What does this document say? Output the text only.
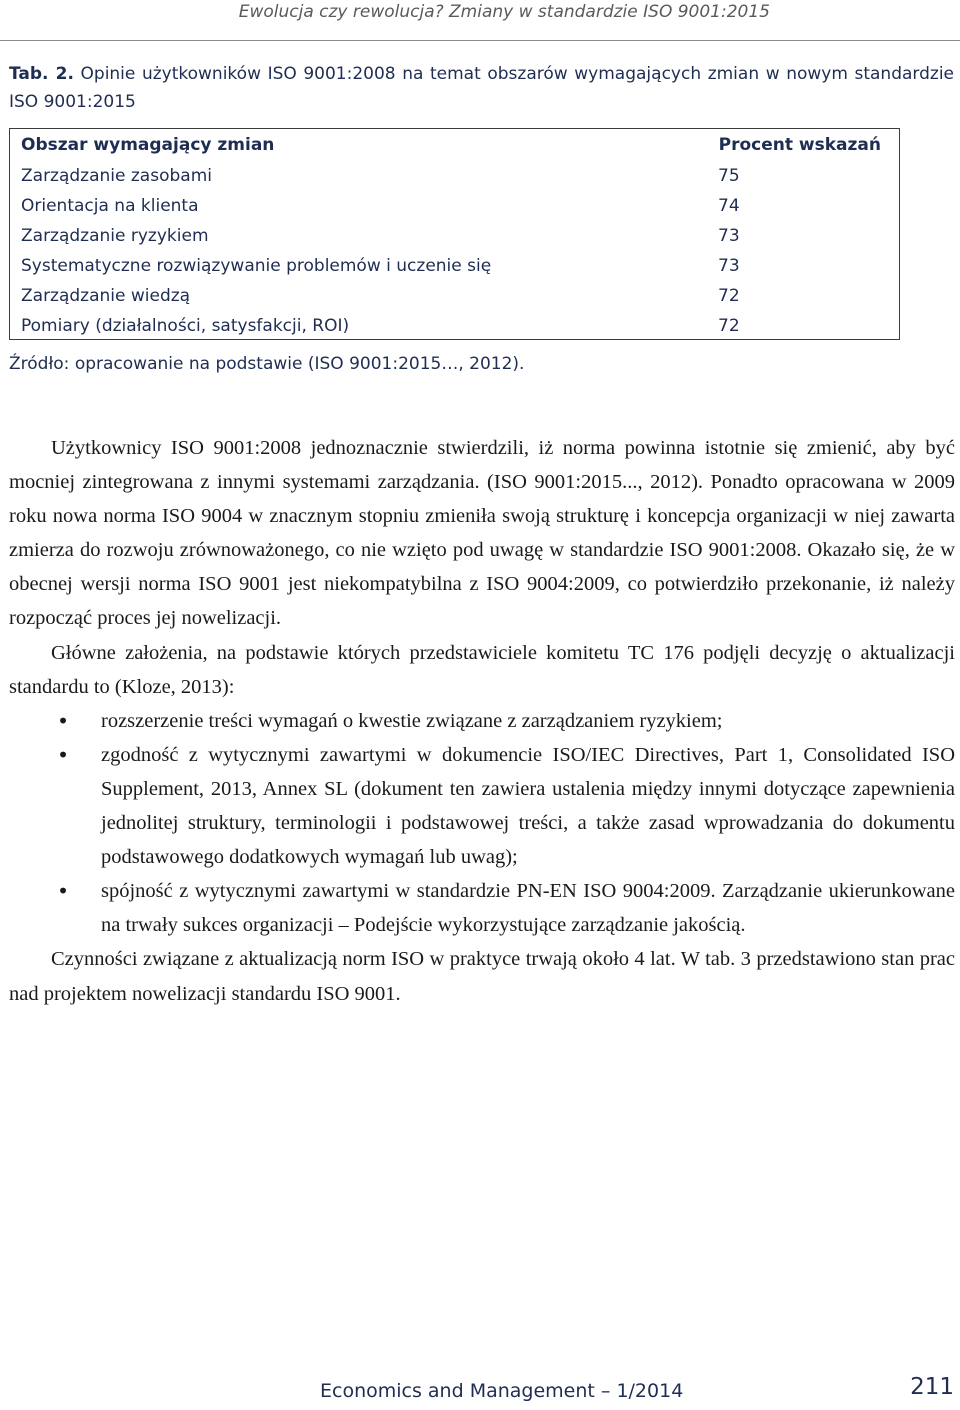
Ewolucja czy rewolucja? Zmiany w standardzie ISO 9001:2015
Tab. 2. Opinie użytkowników ISO 9001:2008 na temat obszarów wymagających zmian w nowym standardzie ISO 9001:2015
Obszar wymagający zmian	Procent wskazań
Zarządzanie zasobami	75
Orientacja na klienta	74
Zarządzanie ryzykiem	73
Systematyczne rozwiązywanie problemów i uczenie się	73
Zarządzanie wiedzą	72
Pomiary (działalności, satysfakcji, ROI)	72
Źródło: opracowanie na podstawie (ISO 9001:2015…, 2012).

Użytkownicy ISO 9001:2008 jednoznacznie stwierdzili, iż norma powinna istotnie się zmienić, aby być mocniej zintegrowana z innymi systemami zarządzania. (ISO 9001:2015..., 2012). Ponadto opracowana w 2009 roku nowa norma ISO 9004 w znacznym stopniu zmieniła swoją strukturę i koncepcja organizacji w niej zawarta zmierza do rozwoju zrównoważonego, co nie wzięto pod uwagę w standardzie ISO 9001:2008. Okazało się, że w obecnej wersji norma ISO 9001 jest niekompatybilna z ISO 9004:2009, co potwierdziło przekonanie, iż należy rozpocząć proces jej nowelizacji.

Główne założenia, na podstawie których przedstawiciele komitetu TC 176 podjęli decyzję o aktualizacji standardu to (Kloze, 2013):

• rozszerzenie treści wymagań o kwestie związane z zarządzaniem ryzykiem;
• zgodność z wytycznymi zawartymi w dokumencie ISO/IEC Directives, Part 1, Consolidated ISO Supplement, 2013, Annex SL (dokument ten zawiera ustalenia między innymi dotyczące zapewnienia jednolitej struktury, terminologii i podstawowej treści, a także zasad wprowadzania do dokumentu podstawowego dodatkowych wymagań lub uwag);
• spójność z wytycznymi zawartymi w standardzie PN-EN ISO 9004:2009. Zarządzanie ukierunkowane na trwały sukces organizacji – Podejście wykorzystujące zarządzanie jakością.

Czynności związane z aktualizacją norm ISO w praktyce trwają około 4 lat. W tab. 3 przedstawiono stan prac nad projektem nowelizacji standardu ISO 9001.

Economics and Management – 1/2014	211
